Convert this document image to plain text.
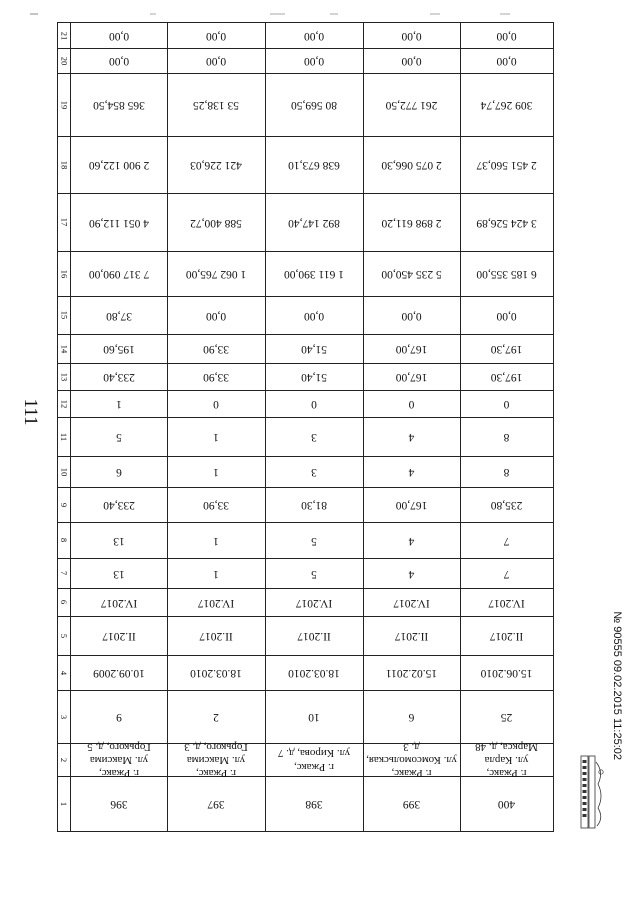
111
21
20
19
18
17
16
15
14
13
12
11
10
9
8
7
6
5
4
3
2
1
0,00
0,00
365 854,50
2 900 122,60
4 051 112,90
7 317 090,00
37,80
195,60
233,40
1
5
6
233,40
13
13
IV.2017
II.2017
10.09.2009
9
г. Ржакс,
ул. Максима
Горького, д. 5
396
0,00
0,00
53 138,25
421 226,03
588 400,72
1 062 765,00
0,00
33,90
33,90
0
1
1
33,90
1
1
IV.2017
II.2017
18.03.2010
2
г. Ржакс,
ул. Максима
Горького, д. 3
397
0,00
0,00
80 569,50
638 673,10
892 147,40
1 611 390,00
0,00
51,40
51,40
0
3
3
81,30
5
5
IV.2017
II.2017
18.03.2010
10
г. Ржакс,
ул. Кирова, д. 7
398
0,00
0,00
261 772,50
2 075 066,30
2 898 611,20
5 235 450,00
0,00
167,00
167,00
0
4
4
167,00
4
4
IV.2017
II.2017
15.02.2011
6
г. Ржакс,
ул. Комсомольская,
д. 3
399
0,00
0,00
309 267,74
2 451 560,37
3 424 526,89
6 185 355,00
0,00
197,30
197,30
0
8
8
235,80
7
7
IV.2017
II.2017
15.06.2010
25
г. Ржакс,
ул. Карла
Маркса, д. 48
400
№ 90555 09.02.2015 11:25:02
